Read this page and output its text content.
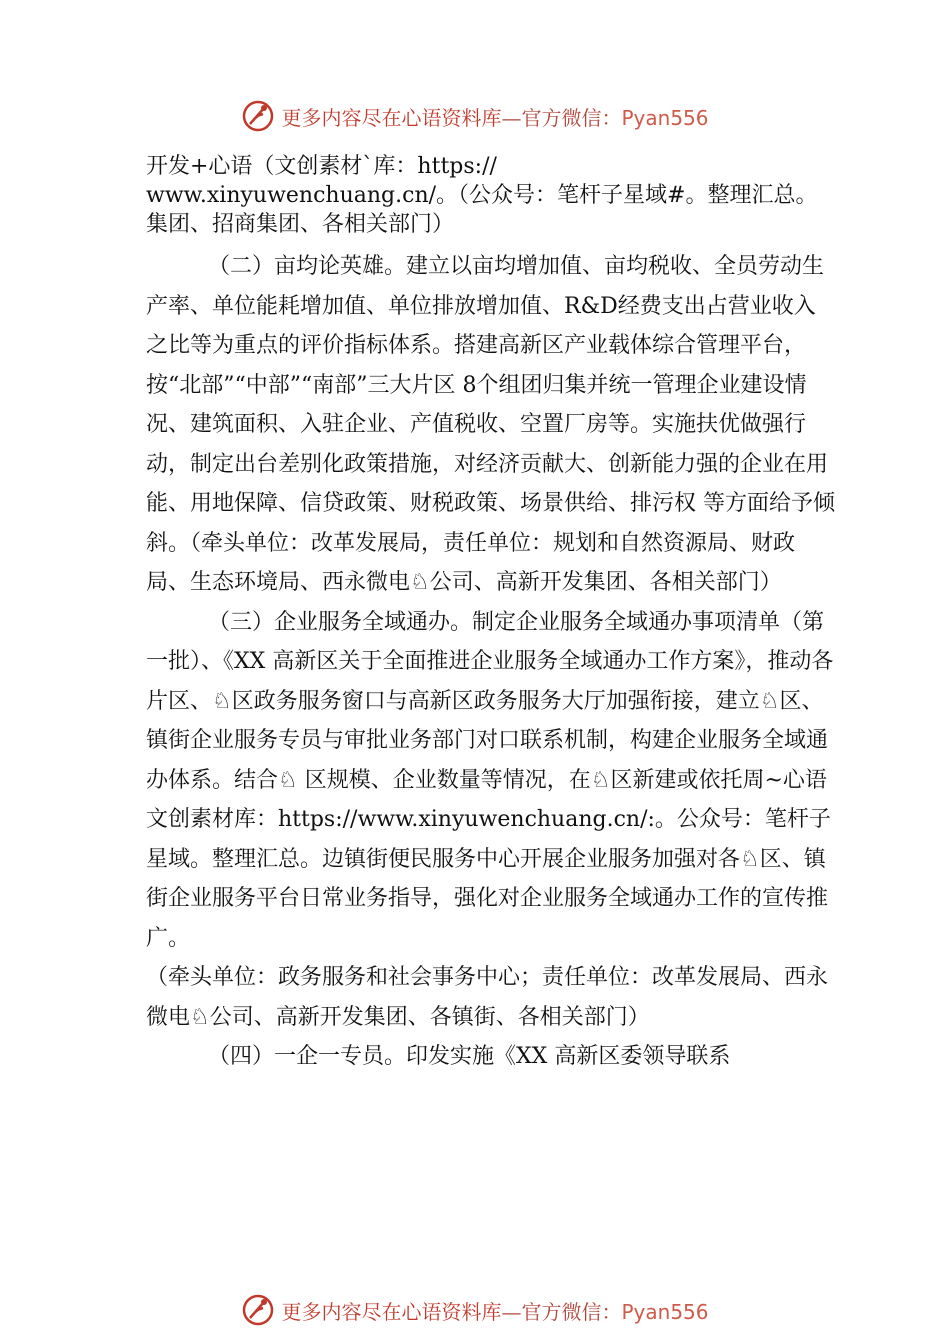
更多内容尽在心语资料库—官方微信：Pyan556

开发+心语（文创素材`库：https://
www.xinyuwenchuang.cn/。（公众号：笔杆子星域#。整理汇总。集团、招商集团、各相关部门）

（二）亩均论英雄。建立以亩均增加值、亩均税收、全员劳动生产率、单位能耗增加值、单位排放增加值、R&D经费支出占营业收入之比等为重点的评价指标体系。搭建高新区产业载体综合管理平台，按“北部”“中部”“南部”三大片区 8个组团归集并统一管理企业建设情况、建筑面积、入驻企业、产值税收、空置厂房等。实施扶优做强行动，制定出台差别化政策措施，对经济贡献大、创新能力强的企业在用能、用地保障、信贷政策、财税政策、场景供给、排污权 等方面给予倾斜。（牵头单位：改革发展局，责任单位：规划和自然资源局、财政局、生态环境局、西永微电♘公司、高新开发集团、各相关部门）

（三）企业服务全域通办。制定企业服务全域通办事项清单（第一批）、《XX 高新区关于全面推进企业服务全域通办工作方案》，推动各片区、♘区政务服务窗口与高新区政务服务大厅加强衔接，建立♘区、镇街企业服务专员与审批业务部门对口联系机制，构建企业服务全域通办体系。结合♘ 区规模、企业数量等情况，在♘区新建或依托周~心语文创素材库：https://www.xinyuwenchuang.cn/:。公众号：笔杆子星域。整理汇总。边镇街便民服务中心开展企业服务加强对各♘区、镇街企业服务平台日常业务指导，强化对企业服务全域通办工作的宣传推广。

（牵头单位：政务服务和社会事务中心；责任单位：改革发展局、西永微电♘公司、高新开发集团、各镇街、各相关部门）

（四）一企一专员。印发实施《XX 高新区委领导联系

更多内容尽在心语资料库—官方微信：Pyan556
